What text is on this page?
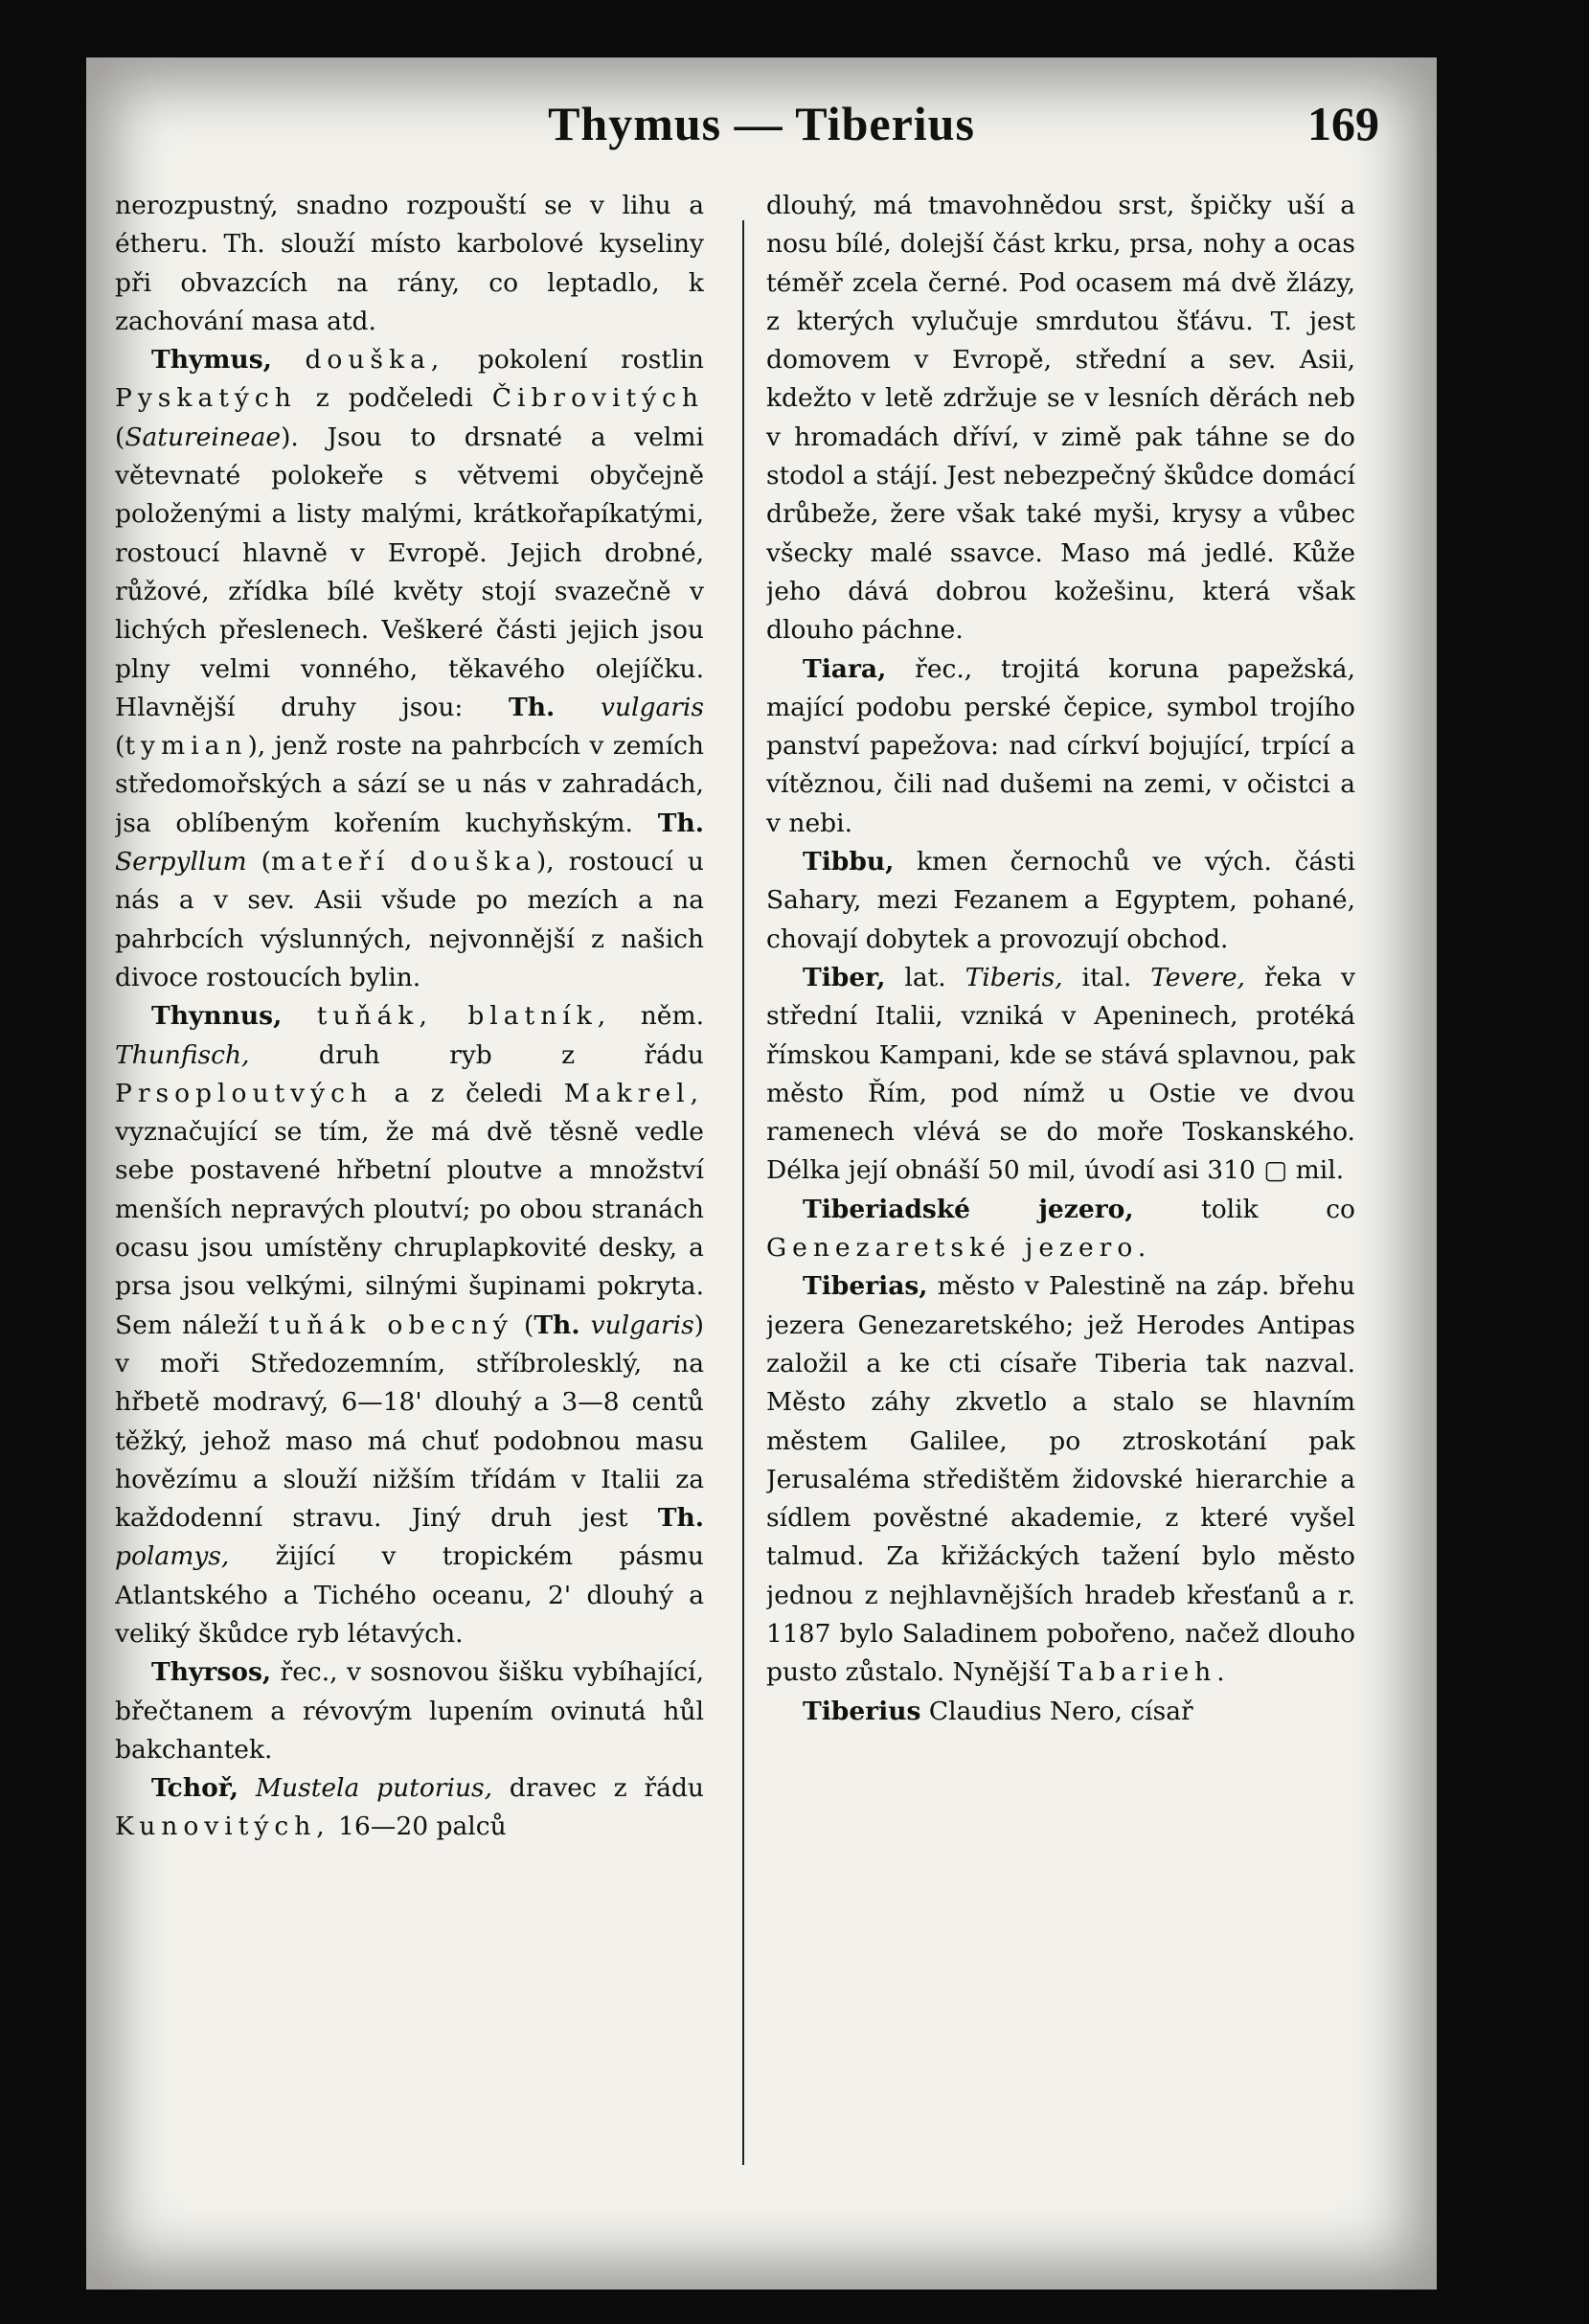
Thymus — Tiberius	169

nerozpustný, snadno rozpouští se v lihu a étheru. Th. slouží místo karbolové kyseliny při obvazcích na rány, co leptadlo, k zachování masa atd.

Thymus, douška, pokolení rostlin Pyskatých z podčeledi Čibrovitých (Satureineae). Jsou to drsnaté a velmi větevnaté polokeře s větvemi obyčejně položenými a listy malými, krátkořapíkatými, rostoucí hlavně v Evropě. Jejich drobné, růžové, zřídka bílé květy stojí svazečně v lichých přeslenech. Veškeré části jejich jsou plny velmi vonného, těkavého olejíčku. Hlavnější druhy jsou: Th. vulgaris (tymian), jenž roste na pahrbcích v zemích středomořských a sází se u nás v zahradách, jsa oblíbeným kořením kuchyňským. Th. Serpyllum (mateří douška), rostoucí u nás a v sev. Asii všude po mezích a na pahrbcích výslunných, nejvonnější z našich divoce rostoucích bylin.

Thynnus, tuňák, blatník, něm. Thunfisch, druh ryb z řádu Prsoploutvých a z čeledi Makrel, vyznačující se tím, že má dvě těsně vedle sebe postavené hřbetní ploutve a množství menších nepravých ploutví; po obou stranách ocasu jsou umístěny chruplapkovité desky, a prsa jsou velkými, silnými šupinami pokryta. Sem náleží tuňák obecný (Th. vulgaris) v moři Středozemním, stříbrolesklý, na hřbetě modravý, 6—18' dlouhý a 3—8 centů těžký, jehož maso má chuť podobnou masu hovězímu a slouží nižším třídám v Italii za každodenní stravu. Jiný druh jest Th. polamys, žijící v tropickém pásmu Atlantského a Tichého oceanu, 2' dlouhý a veliký škůdce ryb létavých.

Thyrsos, řec., v sosnovou šišku vybíhající, břečtanem a révovým lupením ovinutá hůl bakchantek.

Tchoř, Mustela putorius, dravec z řádu Kunovitých, 16—20 palců

dlouhý, má tmavohnědou srst, špičky uší a nosu bílé, dolejší část krku, prsa, nohy a ocas téměř zcela černé. Pod ocasem má dvě žlázy, z kterých vylučuje smrdutou šťávu. T. jest domovem v Evropě, střední a sev. Asii, kdežto v letě zdržuje se v lesních děrách neb v hromadách dříví, v zimě pak táhne se do stodol a stájí. Jest nebezpečný škůdce domácí drůbeže, žere však také myši, krysy a vůbec všecky malé ssavce. Maso má jedlé. Kůže jeho dává dobrou kožešinu, která však dlouho páchne.

Tiara, řec., trojitá koruna papežská, mající podobu perské čepice, symbol trojího panství papežova: nad církví bojující, trpící a vítěznou, čili nad dušemi na zemi, v očistci a v nebi.

Tibbu, kmen černochů ve vých. části Sahary, mezi Fezanem a Egyptem, pohané, chovají dobytek a provozují obchod.

Tiber, lat. Tiberis, ital. Tevere, řeka v střední Italii, vzniká v Apeninech, protéká římskou Kampani, kde se stává splavnou, pak město Řím, pod nímž u Ostie ve dvou ramenech vlévá se do moře Toskanského. Délka její obnáší 50 mil, úvodí asi 310 ▢ mil.

Tiberiadské jezero, tolik co Genezaretské jezero.

Tiberias, město v Palestině na záp. břehu jezera Genezaretského; jež Herodes Antipas založil a ke cti císaře Tiberia tak nazval. Město záhy zkvetlo a stalo se hlavním městem Galilee, po ztroskotání pak Jerusaléma středištěm židovské hierarchie a sídlem pověstné akademie, z které vyšel talmud. Za křižáckých tažení bylo město jednou z nejhlavnějších hradeb křesťanů a r. 1187 bylo Saladinem pobořeno, načež dlouho pusto zůstalo. Nynější Tabarieh.

Tiberius Claudius Nero, císař
